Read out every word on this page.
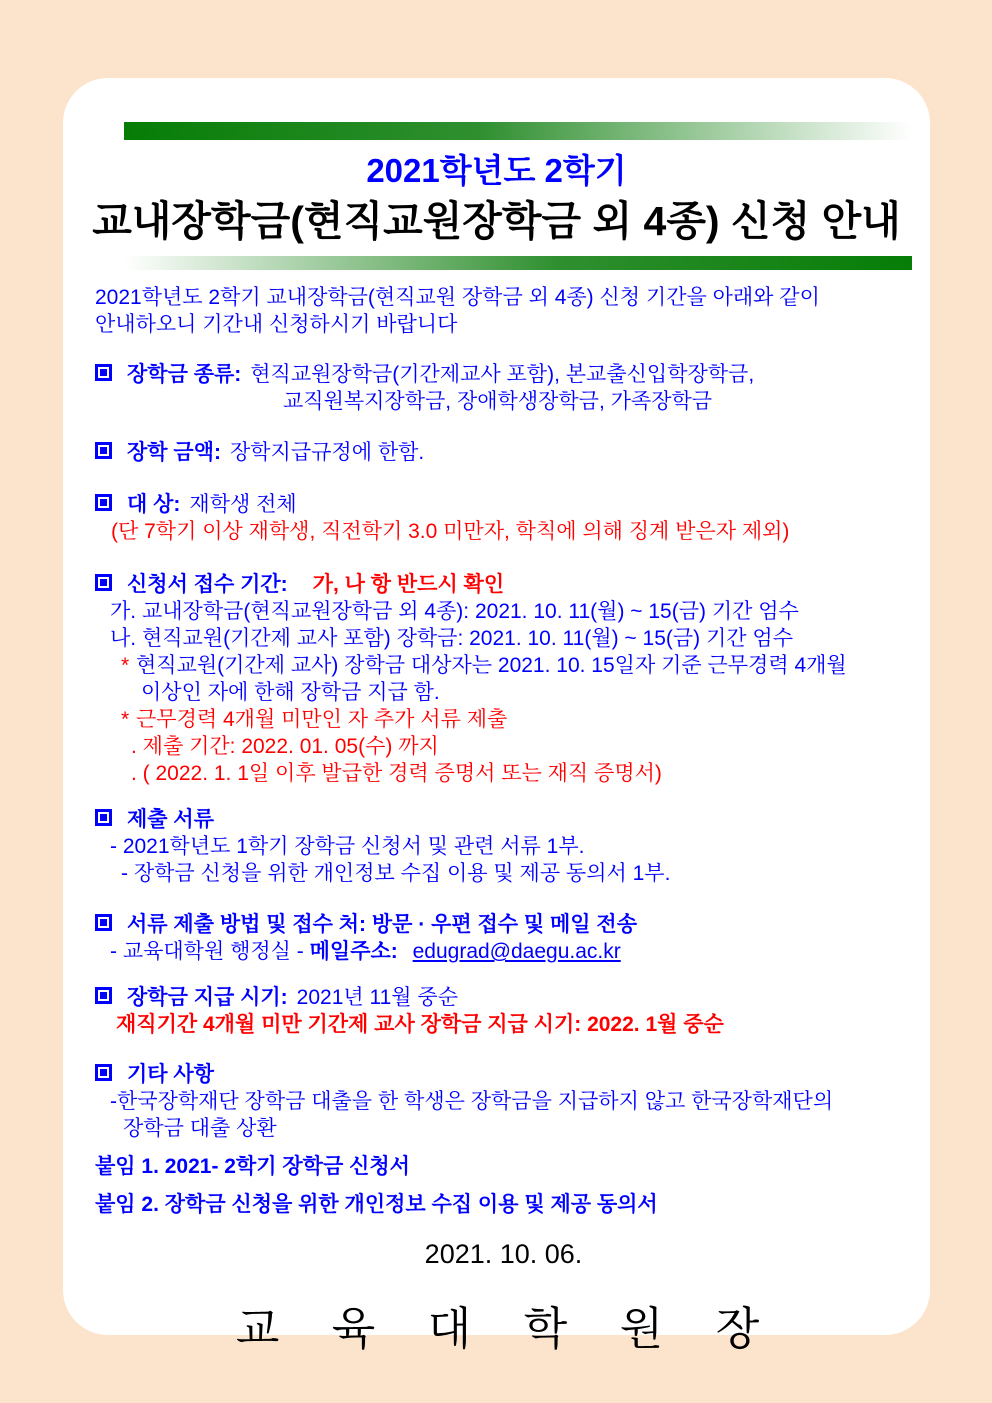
2021학년도 2학기
교내장학금(현직교원장학금 외 4종) 신청 안내
2021학년도 2학기 교내장학금(현직교원 장학금 외 4종) 신청 기간을 아래와 같이
안내하오니 기간내 신청하시기 바랍니다
장학금 종류: 현직교원장학금(기간제교사 포함), 본교출신입학장학금,
교직원복지장학금, 장애학생장학금, 가족장학금
장학 금액: 장학지급규정에 한함.
대 상: 재학생 전체
(단 7학기 이상 재학생, 직전학기 3.0 미만자, 학칙에 의해 징계 받은자 제외)
신청서 접수 기간: 가, 나 항 반드시 확인
가. 교내장학금(현직교원장학금 외 4종): 2021. 10. 11(월) ~ 15(금) 기간 엄수
나. 현직교원(기간제 교사 포함) 장학금: 2021. 10. 11(월) ~ 15(금) 기간 엄수
* 현직교원(기간제 교사) 장학금 대상자는 2021. 10. 15일자 기준 근무경력 4개월
이상인 자에 한해 장학금 지급 함.
* 근무경력 4개월 미만인 자 추가 서류 제출
. 제출 기간: 2022. 01. 05(수) 까지
. ( 2022. 1. 1일 이후 발급한 경력 증명서 또는 재직 증명서)
제출 서류
- 2021학년도 1학기 장학금 신청서 및 관련 서류 1부.
- 장학금 신청을 위한 개인정보 수집 이용 및 제공 동의서 1부.
서류 제출 방법 및 접수 처: 방문 · 우편 접수 및 메일 전송
- 교육대학원 행정실 - 메일주소: edugrad@daegu.ac.kr
장학금 지급 시기: 2021년 11월 중순
재직기간 4개월 미만 기간제 교사 장학금 지급 시기: 2022. 1월 중순
기타 사항
-한국장학재단 장학금 대출을 한 학생은 장학금을 지급하지 않고 한국장학재단의
장학금 대출 상환
붙임 1. 2021- 2학기 장학금 신청서
붙임 2. 장학금 신청을 위한 개인정보 수집 이용 및 제공 동의서
2021. 10. 06.
교 육 대 학 원 장
